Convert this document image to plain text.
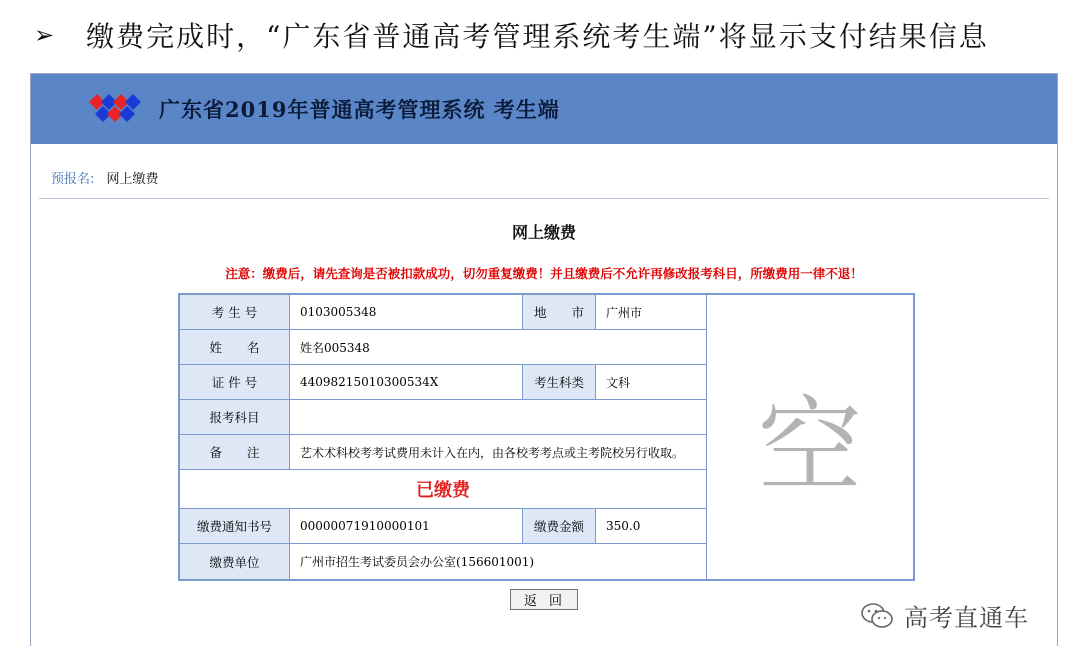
➢ 缴费完成时，“广东省普通高考管理系统考生端”将显示支付结果信息
广东省2019年普通高考管理系统 考生端
预报名: 网上缴费
网上缴费
注意：缴费后，请先查询是否被扣款成功，切勿重复缴费！并且缴费后不允许再修改报考科目，所缴费用一律不退！
考 生 号	0103005348	地　　市	广州市
姓　　名	姓名005348
证 件 号	44098215010300534X	考生科类	文科
报考科目
备　　注	艺术术科校考考试费用未计入在内，由各校考考点或主考院校另行收取。
已缴费
缴费通知书号	00000071910000101	缴费金额	350.0
缴费单位	广州市招生考试委员会办公室(156601001)
空
返回
高考直通车
